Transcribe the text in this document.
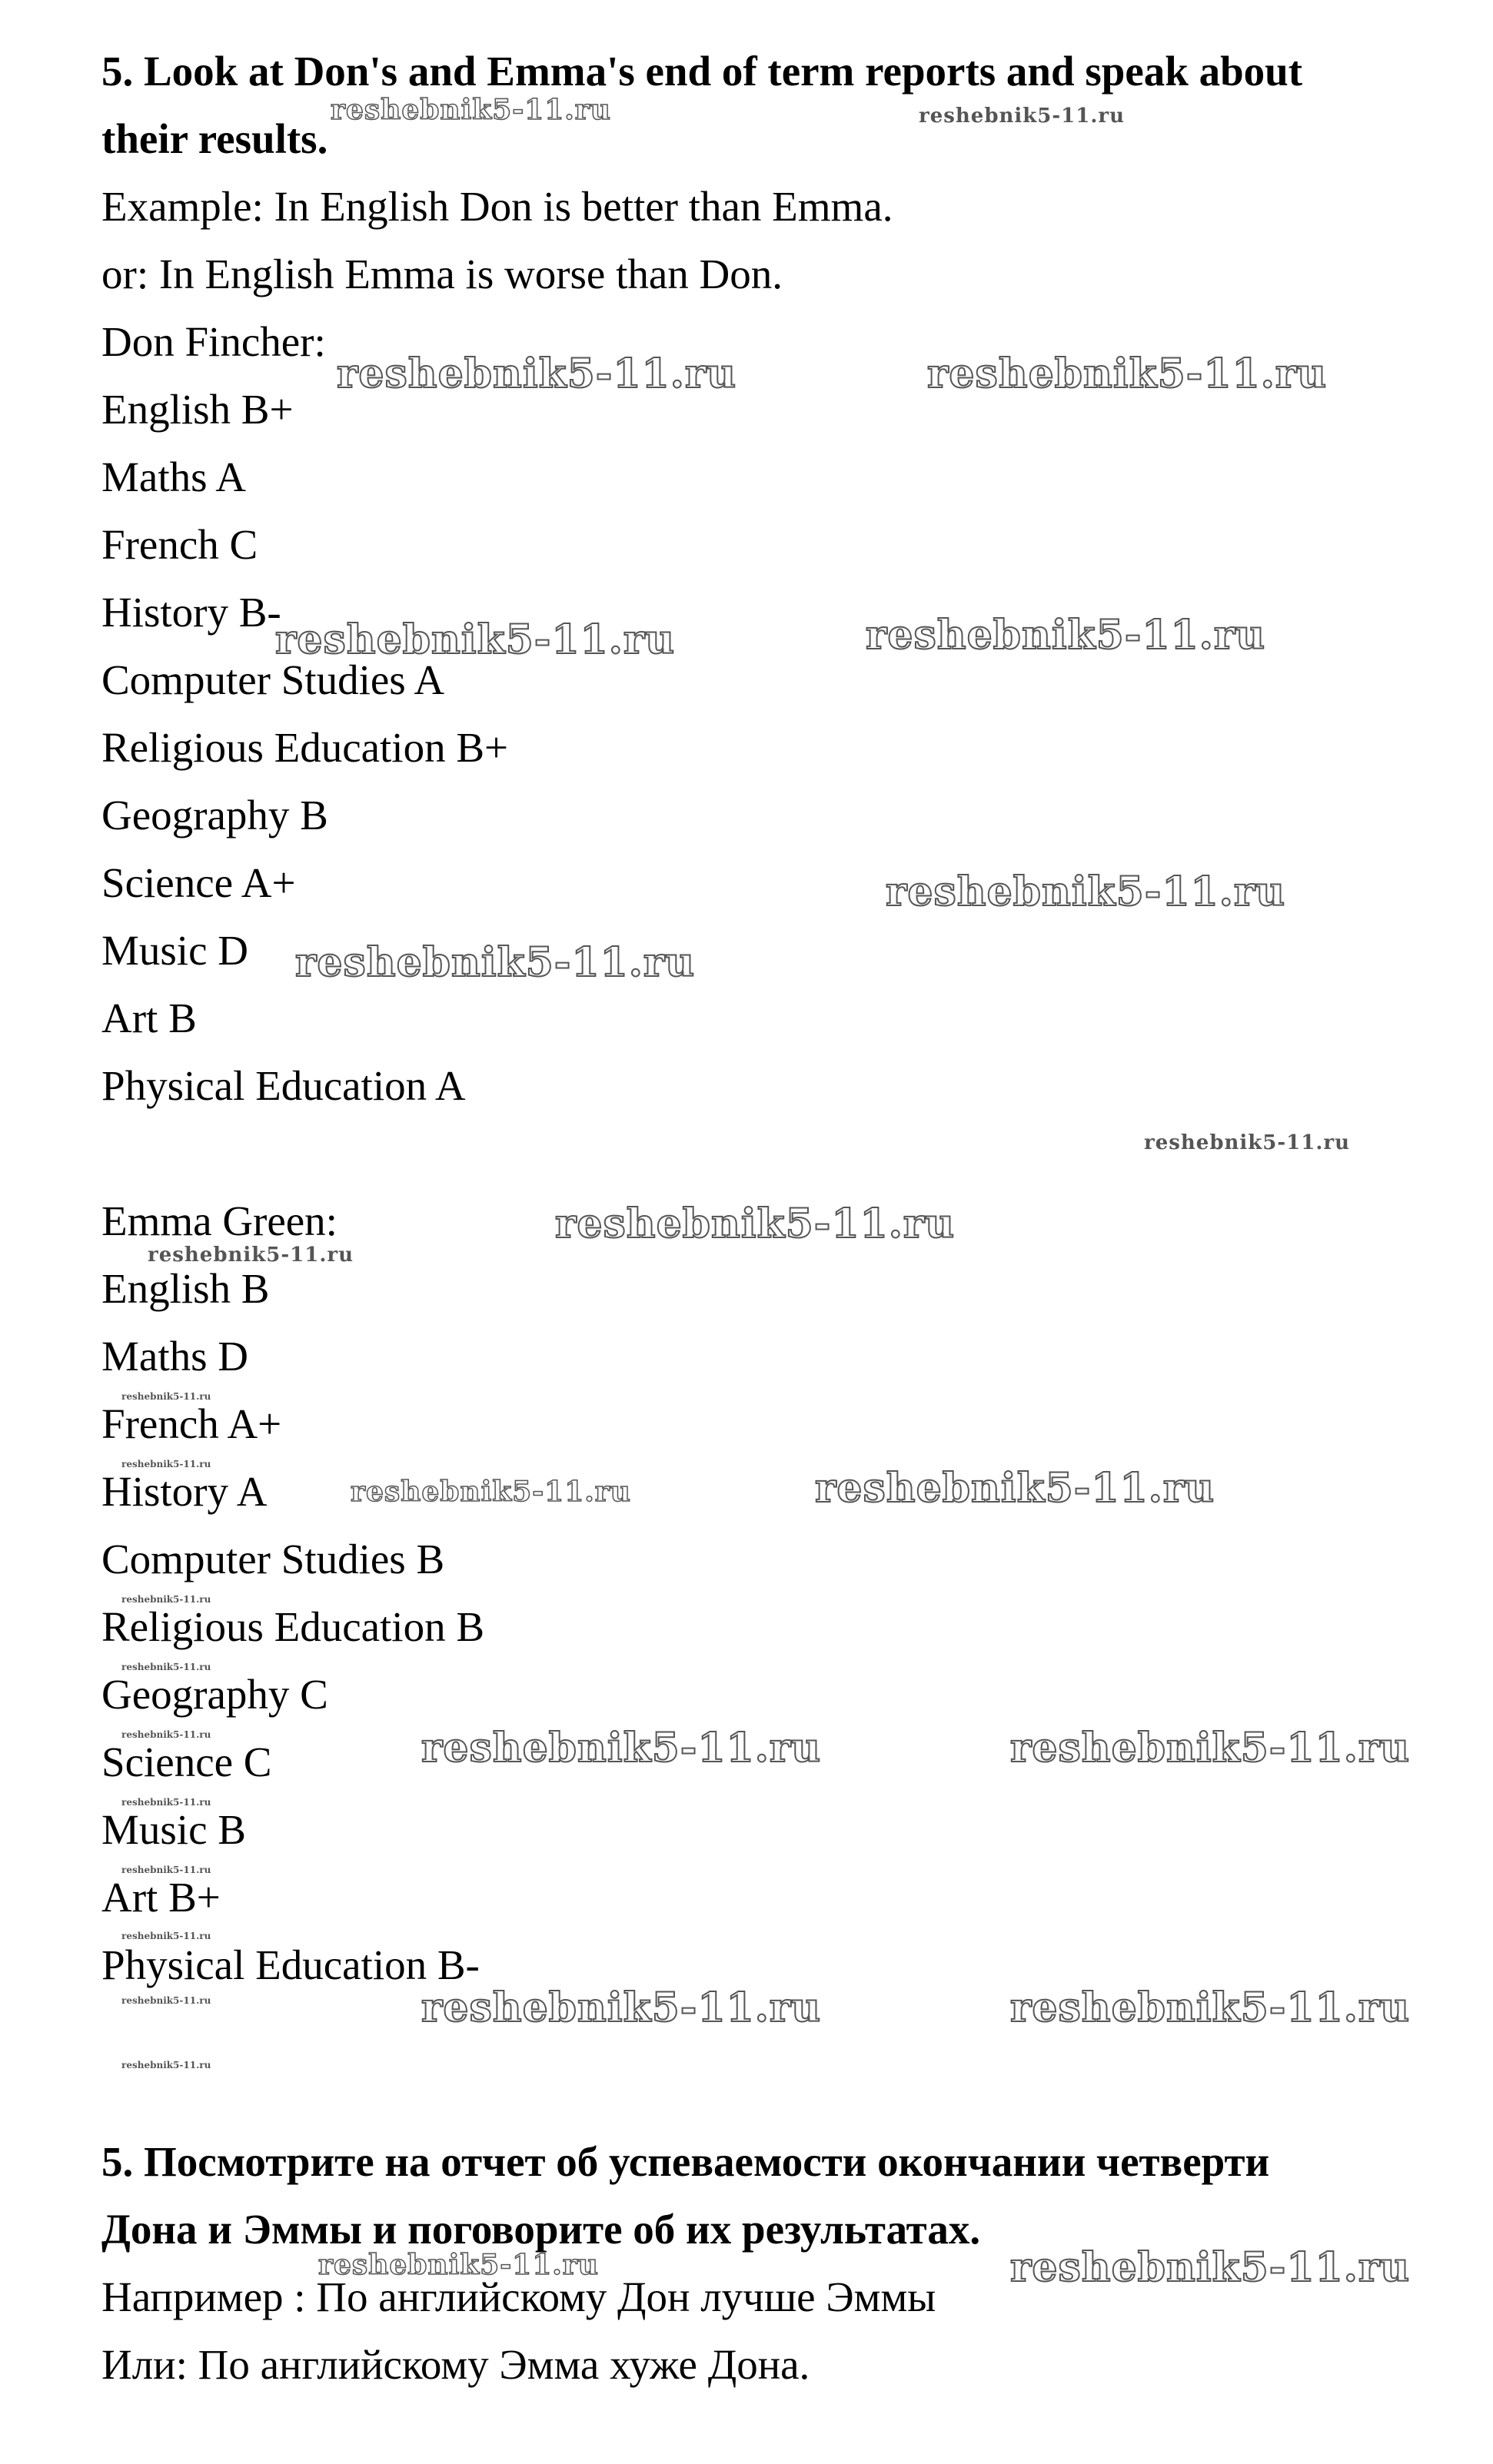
5. Look at Don's and Emma's end of term reports and speak about
their results.
Example: In English Don is better than Emma.
or: In English Emma is worse than Don.
Don Fincher:
English B+
Maths A
French C
History B-
Computer Studies A
Religious Education B+
Geography B
Science A+
Music D
Art B
Physical Education A
Emma Green:
English B
Maths D
French A+
History A
Computer Studies B
Religious Education B
Geography C
Science C
Music B
Art B+
Physical Education B-
5. Посмотрите на отчет об успеваемости окончании четверти
Дона и Эммы и поговорите об их результатах.
Например : По английскому Дон лучше Эммы
Или: По английскому Эмма хуже Дона.
reshebnik5-11.ru	reshebnik5-11.ru
reshebnik5-11.ru	reshebnik5-11.ru
reshebnik5-11.ru	reshebnik5-11.ru
reshebnik5-11.ru
reshebnik5-11.ru
reshebnik5-11.ru
reshebnik5-11.ru
reshebnik5-11.ru
reshebnik5-11.ru
reshebnik5-11.ru
reshebnik5-11.ru	reshebnik5-11.ru
reshebnik5-11.ru
reshebnik5-11.ru
reshebnik5-11.ru	reshebnik5-11.ru	reshebnik5-11.ru
reshebnik5-11.ru
reshebnik5-11.ru
reshebnik5-11.ru
reshebnik5-11.ru	reshebnik5-11.ru	reshebnik5-11.ru
reshebnik5-11.ru
reshebnik5-11.ru	reshebnik5-11.ru
